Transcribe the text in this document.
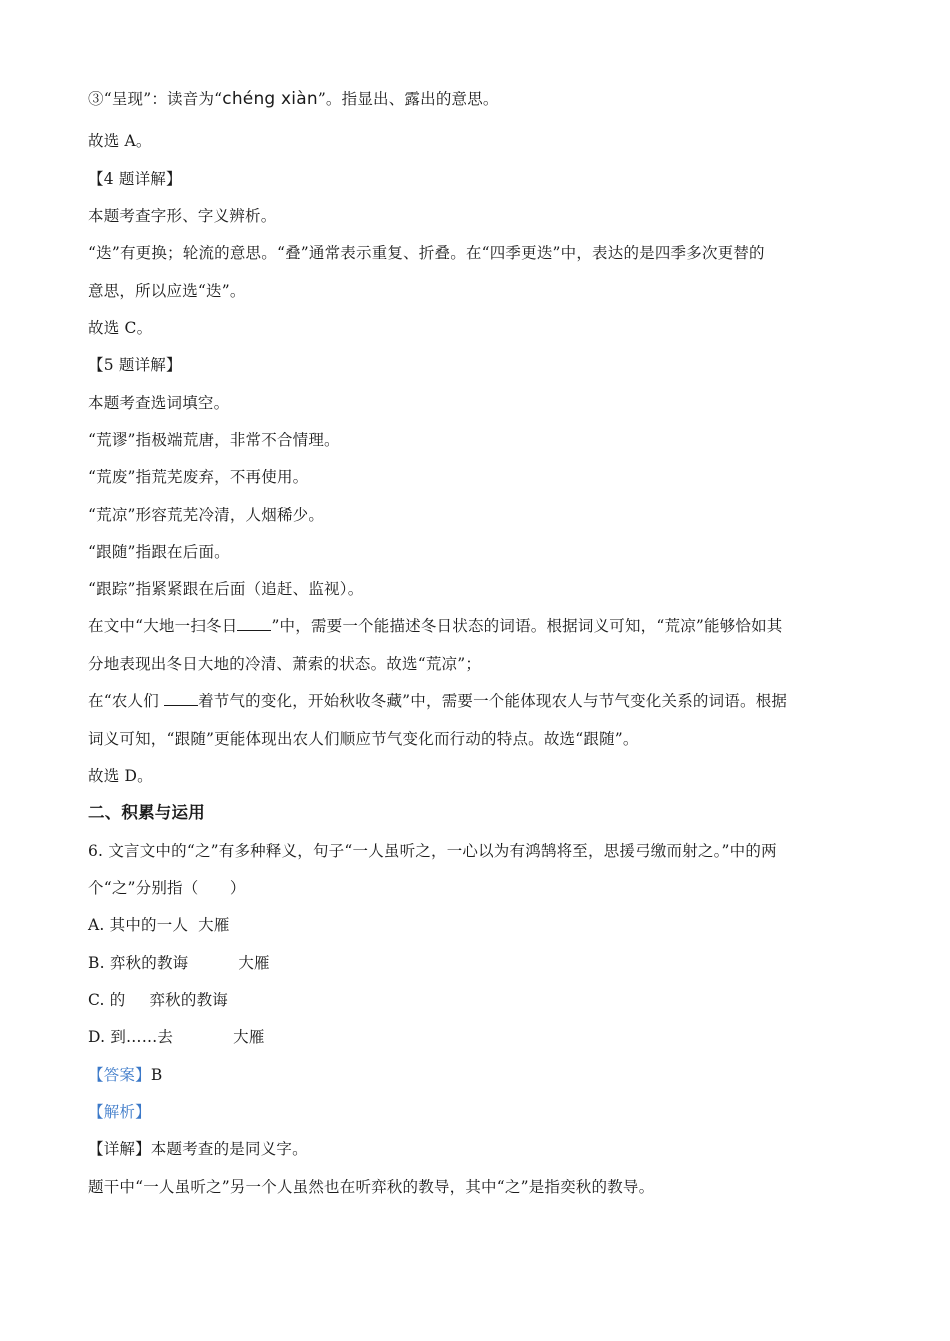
③“呈现”：读音为“chéng xiàn”。指显出、露出的意思。
故选 A。
【4 题详解】
本题考查字形、字义辨析。
“迭”有更换；轮流的意思。“叠”通常表示重复、折叠。在“四季更迭”中，表达的是四季多次更替的
意思，所以应选“迭”。
故选 C。
【5 题详解】
本题考查选词填空。
“荒谬”指极端荒唐，非常不合情理。
“荒废”指荒芜废弃，不再使用。
“荒凉”形容荒芜冷清，人烟稀少。
“跟随”指跟在后面。
“跟踪”指紧紧跟在后面（追赶、监视）。
在文中“大地一扫冬日 ”中，需要一个能描述冬日状态的词语。根据词义可知，“荒凉”能够恰如其
分地表现出冬日大地的冷清、萧索的状态。故选“荒凉”；
在“农人们 着节气的变化，开始秋收冬藏”中，需要一个能体现农人与节气变化关系的词语。根据
词义可知，“跟随”更能体现出农人们顺应节气变化而行动的特点。故选“跟随”。
故选 D。
二、积累与运用
6. 文言文中的“之”有多种释义，句子“一人虽听之，一心以为有鸿鹄将至，思援弓缴而射之。”中的两
个“之”分别指（　　）
A. 其中的一人 大雁
B. 弈秋的教诲	大雁
C. 的 弈秋的教诲
D. 到……去	大雁
【答案】B
【解析】
【详解】本题考查的是同义字。
题干中“一人虽听之”另一个人虽然也在听弈秋的教导，其中“之”是指奕秋的教导。
